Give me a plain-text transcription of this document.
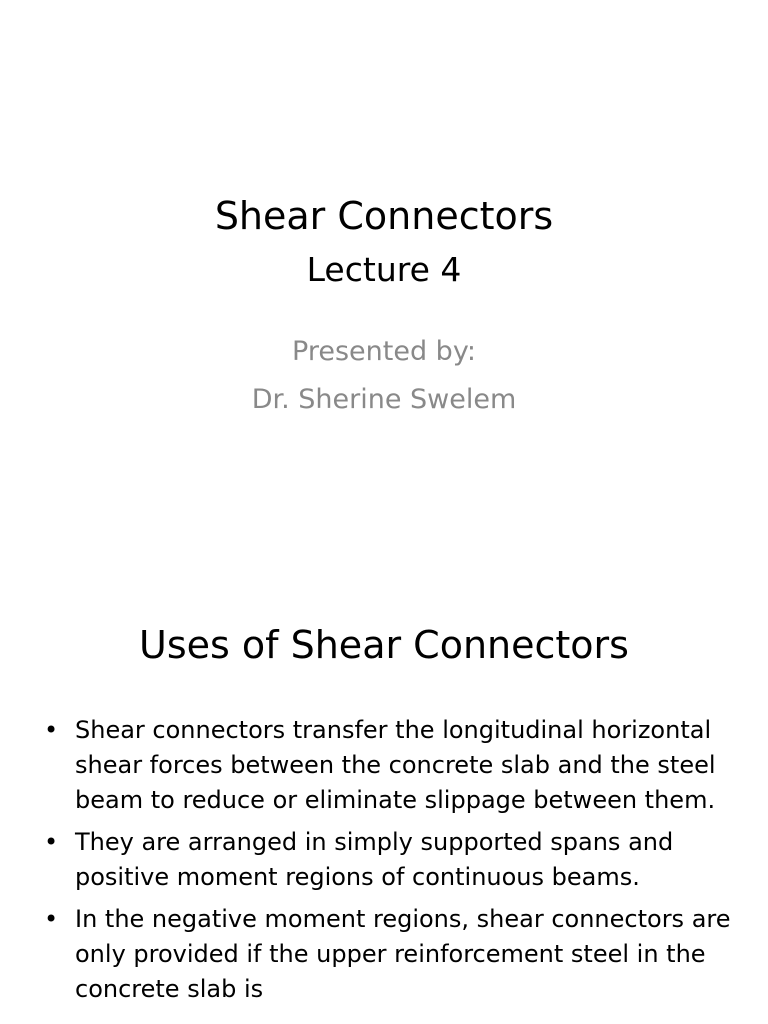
Shear Connectors
Lecture 4
Presented by:
Dr. Sherine Swelem
Uses of Shear Connectors
• Shear connectors transfer the longitudinal horizontal shear forces between the concrete slab and the steel beam to reduce or eliminate slippage between them.
• They are arranged in simply supported spans and positive moment regions of continuous beams.
• In the negative moment regions, shear connectors are only provided if the upper reinforcement steel in the concrete slab is
